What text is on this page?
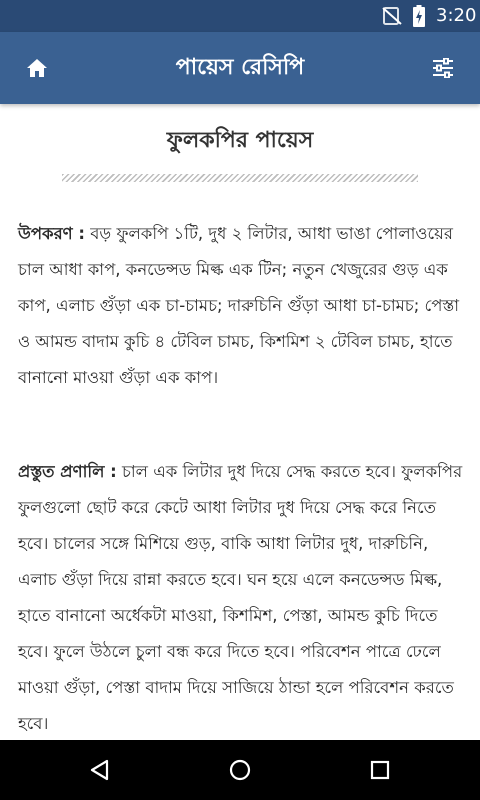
3:20
পায়েস রেসিপি
ফুলকপির পায়েস
উপকরণ : বড় ফুলকপি ১টি, দুধ ২ লিটার, আধা ভাঙা পোলাওয়ের চাল আধা কাপ, কনডেন্সড মিল্ক এক টিন; নতুন খেজুরের গুড় এক কাপ, এলাচ গুঁড়া এক চা-চামচ; দারুচিনি গুঁড়া আধা চা-চামচ; পেস্তা ও আমন্ড বাদাম কুচি ৪ টেবিল চামচ, কিশমিশ ২ টেবিল চামচ, হাতে বানানো মাওয়া গুঁড়া এক কাপ।
প্রস্তুত প্রণালি : চাল এক লিটার দুধ দিয়ে সেদ্ধ করতে হবে। ফুলকপির ফুলগুলো ছোট করে কেটে আধা লিটার দুধ দিয়ে সেদ্ধ করে নিতে হবে। চালের সঙ্গে মিশিয়ে গুড়, বাকি আধা লিটার দুধ, দারুচিনি, এলাচ গুঁড়া দিয়ে রান্না করতে হবে। ঘন হয়ে এলে কনডেন্সড মিল্ক, হাতে বানানো অর্ধেকটা মাওয়া, কিশমিশ, পেস্তা, আমন্ড কুচি দিতে হবে। ফুলে উঠলে চুলা বন্ধ করে দিতে হবে। পরিবেশন পাত্রে ঢেলে মাওয়া গুঁড়া, পেস্তা বাদাম দিয়ে সাজিয়ে ঠান্ডা হলে পরিবেশন করতে হবে।
